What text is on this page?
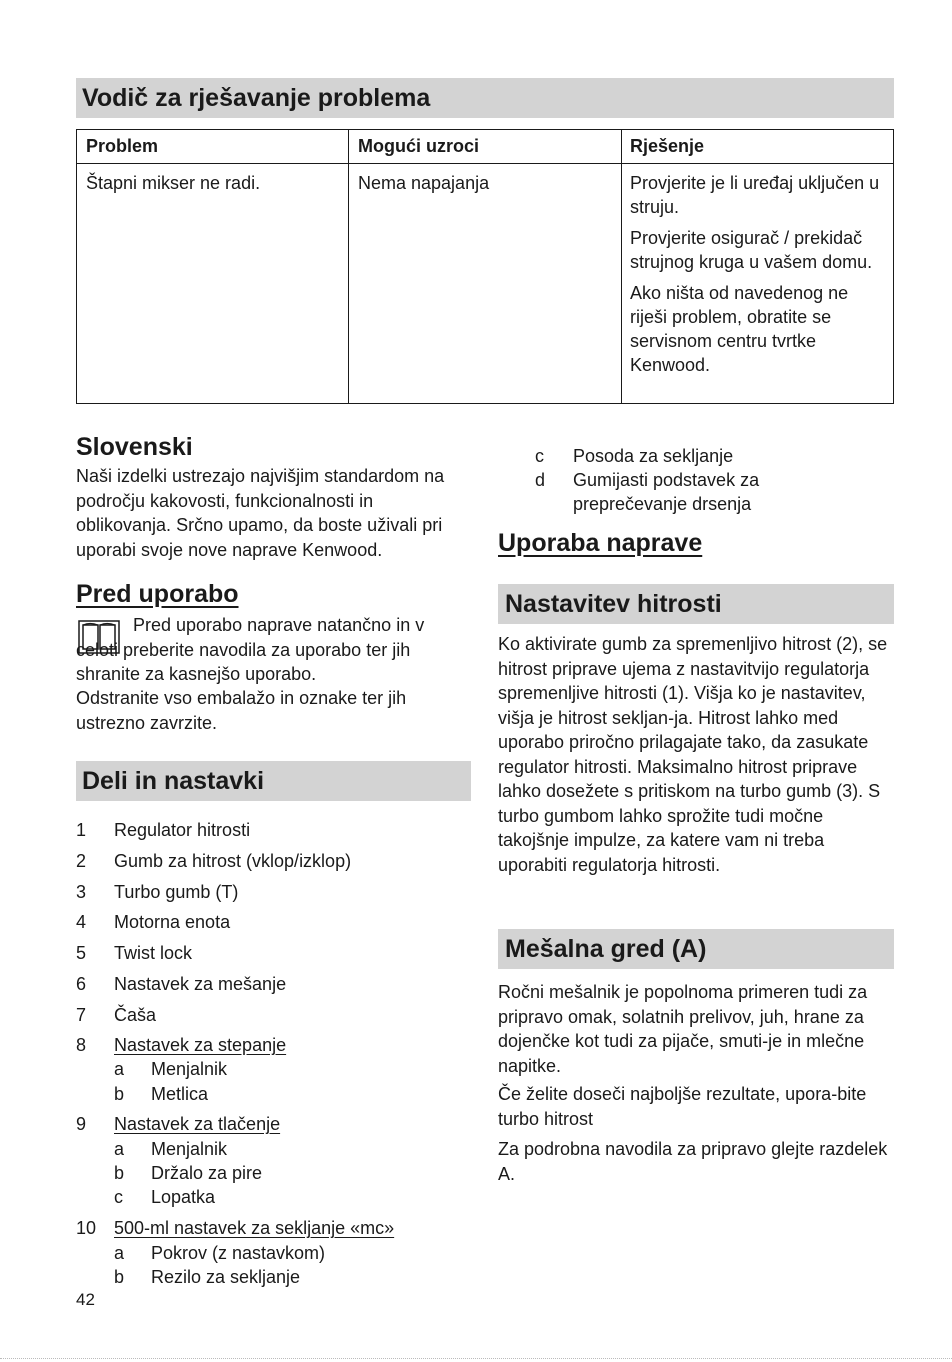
Vodič za rješavanje problema
Problem	Mogući uzroci	Rješenje
Štapni mikser ne radi.	Nema napajanja	Provjerite je li uređaj uključen u struju.

Provjerite osigurač / prekidač strujnog kruga u vašem domu.

Ako ništa od navedenog ne riješi problem, obratite se servisnom centru tvrtke Kenwood.

Slovenski
Naši izdelki ustrezajo najvišjim standardom na področju kakovosti, funkcionalnosti in oblikovanja. Srčno upamo, da boste uživali pri uporabi svoje nove naprave Kenwood.
Pred uporabo
Pred uporabo naprave natančno in v celoti preberite navodila za uporabo ter jih shranite za kasnejšo uporabo.
Odstranite vso embalažo in oznake ter jih ustrezno zavrzite.
Deli in nastavki
1 Regulator hitrosti
2 Gumb za hitrost (vklop/izklop)
3 Turbo gumb (T)
4 Motorna enota
5 Twist lock
6 Nastavek za mešanje
7 Čaša
8 Nastavek za stepanje
a Menjalnik
b Metlica
9 Nastavek za tlačenje
a Menjalnik
b Držalo za pire
c Lopatka
10 500-ml nastavek za sekljanje «mc»
a Pokrov (z nastavkom)
b Rezilo za sekljanje
42
c Posoda za sekljanje
d Gumijasti podstavek za preprečevanje drsenja
Uporaba naprave
Nastavitev hitrosti
Ko aktivirate gumb za spremenljivo hitrost (2), se hitrost priprave ujema z nastavitvijo regulatorja spremenljive hitrosti (1). Višja ko je nastavitev, višja je hitrost sekljan-ja. Hitrost lahko med uporabo priročno prilagajate tako, da zasukate regulator hitrosti. Maksimalno hitrost priprave lahko dosežete s pritiskom na turbo gumb (3). S turbo gumbom lahko sprožite tudi močne takojšnje impulze, za katere vam ni treba uporabiti regulatorja hitrosti.
Mešalna gred (A)
Ročni mešalnik je popolnoma primeren tudi za pripravo omak, solatnih prelivov, juh, hrane za dojenčke kot tudi za pijače, smuti-je in mlečne napitke.
Če želite doseči najboljše rezultate, upora-bite turbo hitrost
Za podrobna navodila za pripravo glejte razdelek A.
